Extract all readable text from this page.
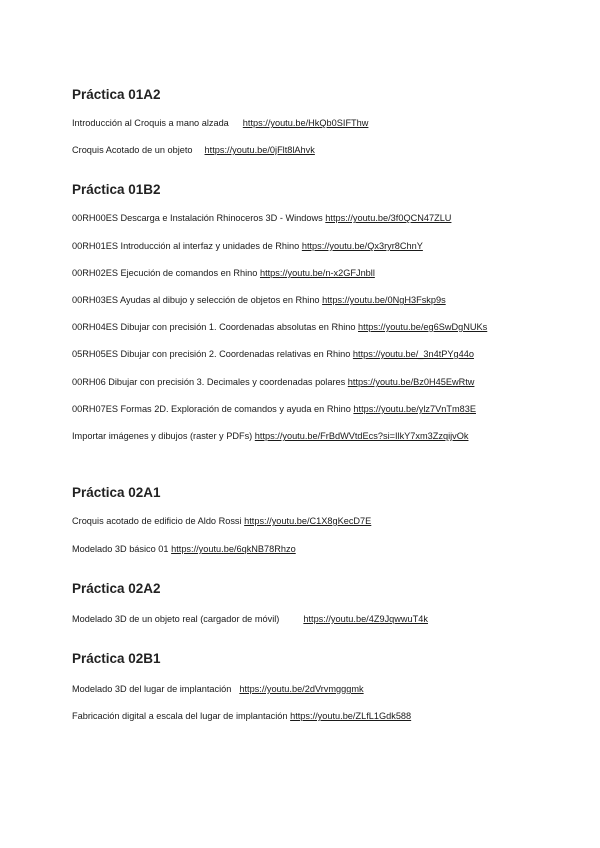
Práctica 01A2
Introducción al Croquis a mano alzada https://youtu.be/HkQb0SIFThw
Croquis Acotado de un objeto https://youtu.be/0jFlt8lAhvk
Práctica 01B2
00RH00ES Descarga e Instalación Rhinoceros 3D - Windows https://youtu.be/3f0QCN47ZLU
00RH01ES Introducción al interfaz y unidades de Rhino https://youtu.be/Qx3ryr8ChnY
00RH02ES Ejecución de comandos en Rhino https://youtu.be/n-x2GFJnbll
00RH03ES Ayudas al dibujo y selección de objetos en Rhino https://youtu.be/0NgH3Fskp9s
00RH04ES Dibujar con precisión 1. Coordenadas absolutas en Rhino https://youtu.be/eg6SwDgNUKs
05RH05ES Dibujar con precisión 2. Coordenadas relativas en Rhino https://youtu.be/_3n4tPYg44o
00RH06 Dibujar con precisión 3. Decimales y coordenadas polares https://youtu.be/Bz0H45EwRtw
00RH07ES Formas 2D. Exploración de comandos y ayuda en Rhino https://youtu.be/ylz7VnTm83E
Importar imágenes y dibujos (raster y PDFs) https://youtu.be/FrBdWVtdEcs?si=IlkY7xm3ZzqijvOk
Práctica 02A1
Croquis acotado de edificio de Aldo Rossi https://youtu.be/C1X8gKecD7E
Modelado 3D básico 01 https://youtu.be/6qkNB78Rhzo
Práctica 02A2
Modelado 3D de un objeto real (cargador de móvil)	https://youtu.be/4Z9JqwwuT4k
Práctica 02B1
Modelado 3D del lugar de implantación https://youtu.be/2dVrvmgggmk
Fabricación digital a escala del lugar de implantación https://youtu.be/ZLfL1Gdk588
